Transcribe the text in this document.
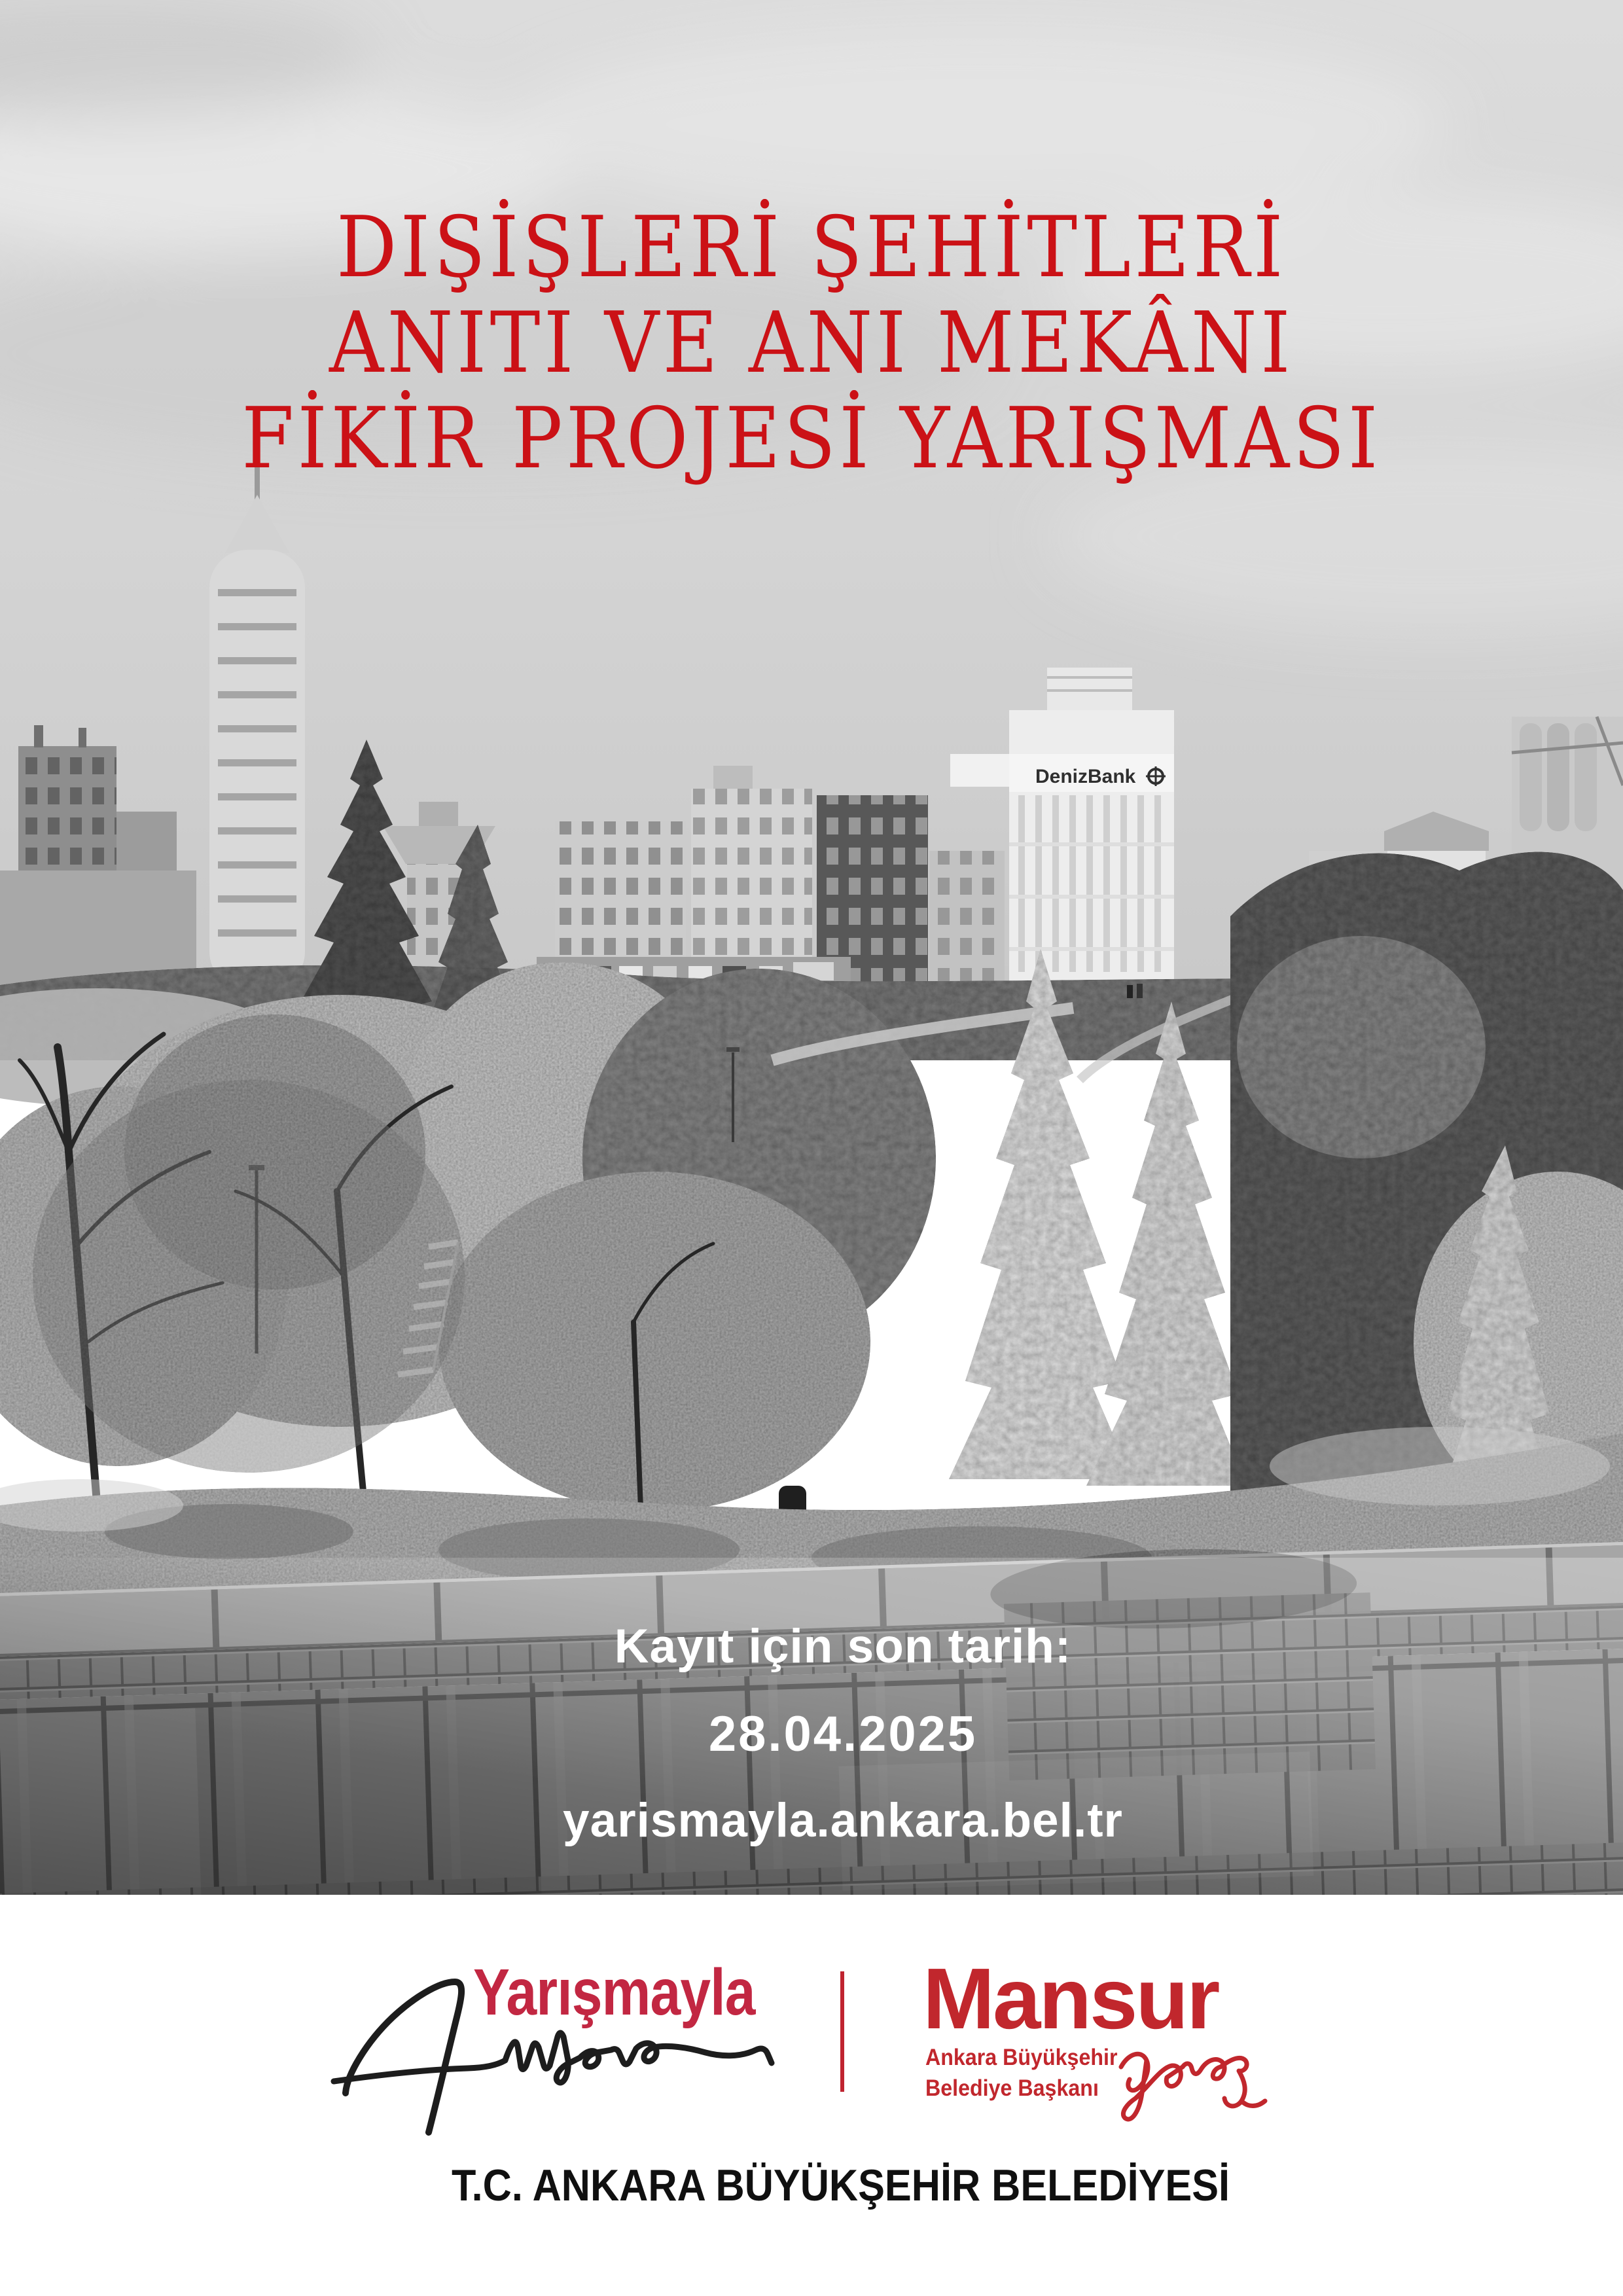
DenizBank
DIŞİŞLERİ ŞEHİTLERİ
ANITI VE ANI MEKÂNI
FİKİR PROJESİ YARIŞMASI
Kayıt için son tarih:
28.04.2025
yarismayla.ankara.bel.tr
Yarışmayla Mansur
Ankara Büyükşehir
Belediye Başkanı
T.C. ANKARA BÜYÜKŞEHİR BELEDİYESİ
